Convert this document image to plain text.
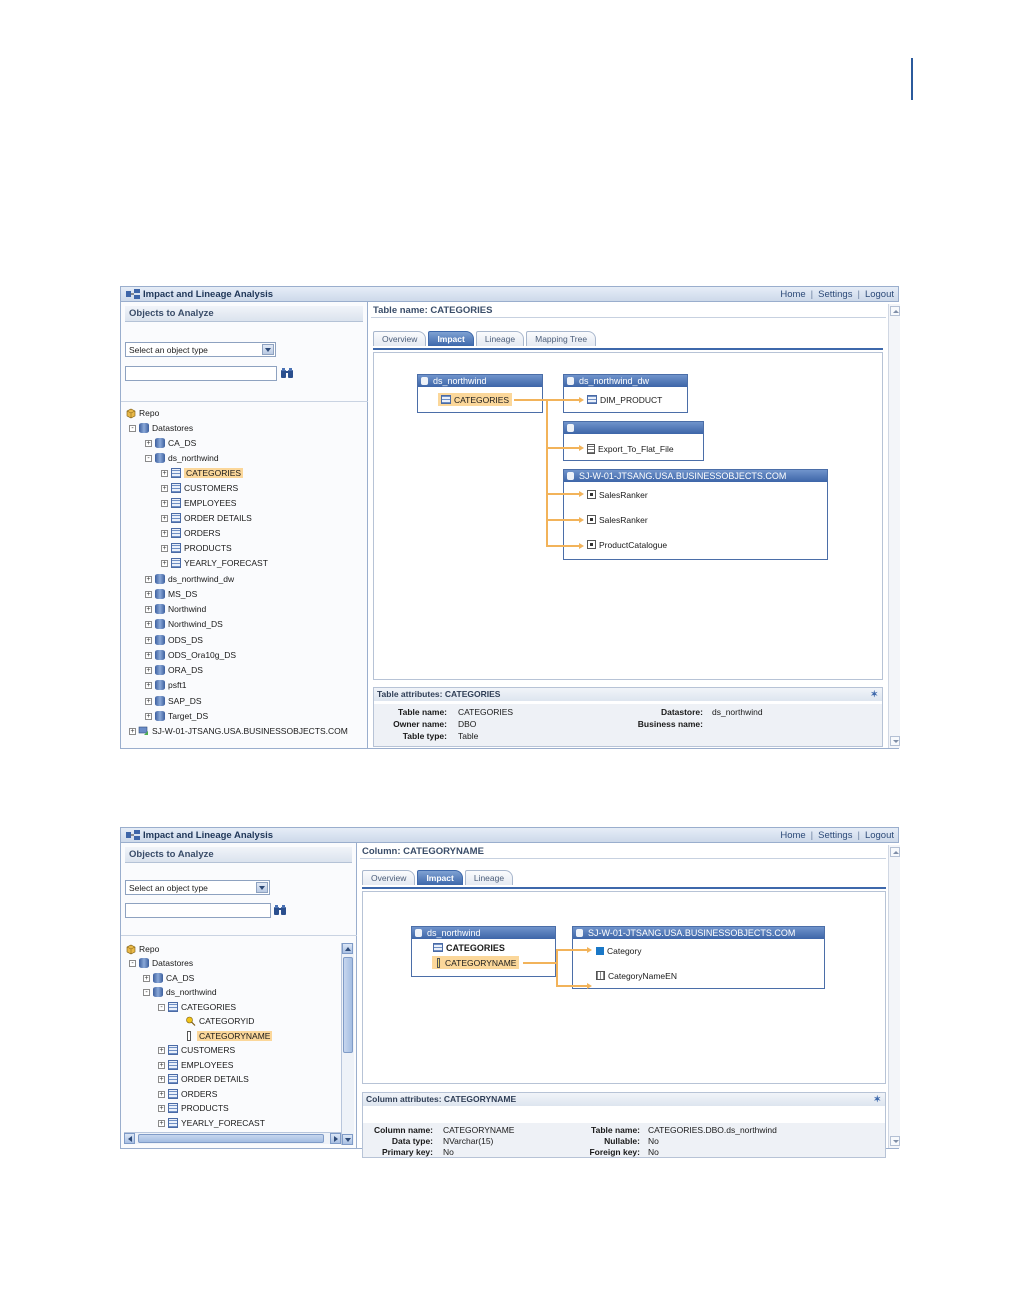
Impact and Lineage Analysis	Home | Settings | Logout
Objects to Analyze
Select an object type
Repo
- Datastores
+ CA_DS
- ds_northwind
+ CATEGORIES
+ CUSTOMERS
+ EMPLOYEES
+ ORDER DETAILS
+ ORDERS
+ PRODUCTS
+ YEARLY_FORECAST
+ ds_northwind_dw
+ MS_DS
+ Northwind
+ Northwind_DS
+ ODS_DS
+ ODS_Ora10g_DS
+ ORA_DS
+ psft1
+ SAP_DS
+ Target_DS
+ SJ-W-01-JTSANG.USA.BUSINESSOBJECTS.COM
Table name: CATEGORIES
Overview	Impact	Lineage	Mapping Tree
ds_northwind
CATEGORIES
ds_northwind_dw
DIM_PRODUCT
Export_To_Flat_File
SJ-W-01-JTSANG.USA.BUSINESSOBJECTS.COM
SalesRanker
SalesRanker
ProductCatalogue
Table attributes: CATEGORIES	✶
Table name: CATEGORIES
Owner name: DBO
Table type: Table
Datastore: ds_northwind
Business name:
Impact and Lineage Analysis	Home | Settings | Logout
Objects to Analyze
Select an object type
Repo
- Datastores
+ CA_DS
- ds_northwind
- CATEGORIES
CATEGORYID
CATEGORYNAME
+ CUSTOMERS
+ EMPLOYEES
+ ORDER DETAILS
+ ORDERS
+ PRODUCTS
+ YEARLY_FORECAST
Column: CATEGORYNAME
Overview	Impact	Lineage
ds_northwind
CATEGORIES
CATEGORYNAME
SJ-W-01-JTSANG.USA.BUSINESSOBJECTS.COM
Category
CategoryNameEN
Column attributes: CATEGORYNAME	✶
Column name: CATEGORYNAME
Data type: NVarchar(15)
Primary key: No
Table name: CATEGORIES.DBO.ds_northwind
Nullable: No
Foreign key: No
